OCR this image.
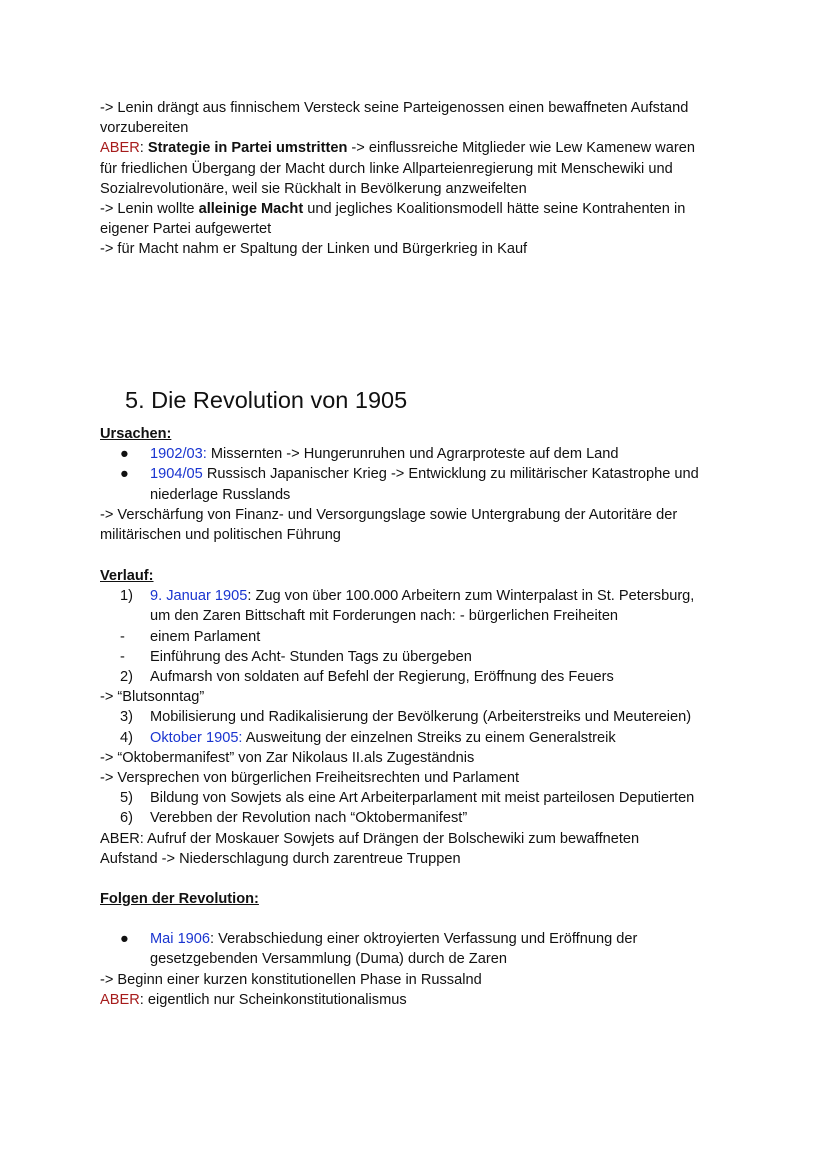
-> Lenin drängt aus finnischem Versteck seine Parteigenossen einen bewaffneten Aufstand
vorzubereiten
ABER: Strategie in Partei umstritten -> einflussreiche Mitglieder wie Lew Kamenew waren
für friedlichen Übergang der Macht durch linke Allparteienregierung mit Menschewiki und
Sozialrevolutionäre, weil sie Rückhalt in Bevölkerung anzweifelten
-> Lenin wollte alleinige Macht und jegliches Koalitionsmodell hätte seine Kontrahenten in
eigener Partei aufgewertet
-> für Macht nahm er Spaltung der Linken und Bürgerkrieg in Kauf
5. Die Revolution von 1905
Ursachen:
● 1902/03: Missernten -> Hungerunruhen und Agrarproteste auf dem Land
● 1904/05 Russisch Japanischer Krieg -> Entwicklung zu militärischer Katastrophe und
niederlage Russlands
-> Verschärfung von Finanz- und Versorgungslage sowie Untergrabung der Autoritäre der
militärischen und politischen Führung
Verlauf:
1) 9. Januar 1905: Zug von über 100.000 Arbeitern zum Winterpalast in St. Petersburg,
um den Zaren Bittschaft mit Forderungen nach: - bürgerlichen Freiheiten
- einem Parlament
- Einführung des Acht- Stunden Tags zu übergeben
2) Aufmarsh von soldaten auf Befehl der Regierung, Eröffnung des Feuers
-> “Blutsonntag”
3) Mobilisierung und Radikalisierung der Bevölkerung (Arbeiterstreiks und Meutereien)
4) Oktober 1905: Ausweitung der einzelnen Streiks zu einem Generalstreik
-> “Oktobermanifest” von Zar Nikolaus II.als Zugeständnis
-> Versprechen von bürgerlichen Freiheitsrechten und Parlament
5) Bildung von Sowjets als eine Art Arbeiterparlament mit meist parteilosen Deputierten
6) Verebben der Revolution nach “Oktobermanifest”
ABER: Aufruf der Moskauer Sowjets auf Drängen der Bolschewiki zum bewaffneten
Aufstand -> Niederschlagung durch zarentreue Truppen
Folgen der Revolution:
● Mai 1906: Verabschiedung einer oktroyierten Verfassung und Eröffnung der
gesetzgebenden Versammlung (Duma) durch de Zaren
-> Beginn einer kurzen konstitutionellen Phase in Russalnd
ABER: eigentlich nur Scheinkonstitutionalismus
